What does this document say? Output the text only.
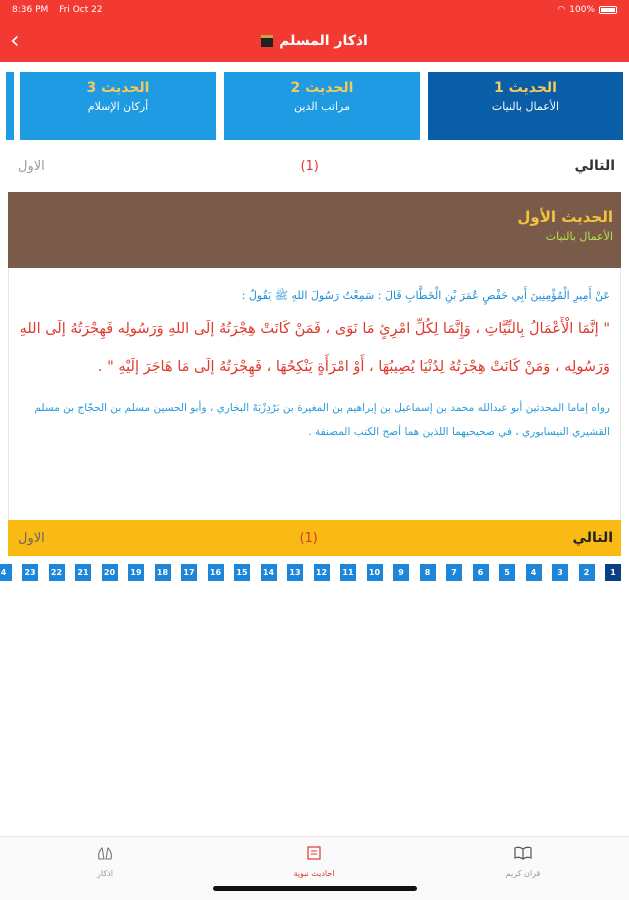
8:36 PM Fri Oct 22	◠ 100%
‹	اذكار المسلم
الحديث 3
أركان الإسلام
الحديث 2
مراتب الدين
الحديث 1
الأعمال بالنيات
الاول	(1)	التالي
الحديث الأول
الأعمال بالنيات

عَنْ أَمِيرِ الْمُؤْمِنِينَ أَبِي حَفْصٍ عُمَرَ بْنِ الْخَطَّابِ قَالَ : سَمِعْتُ رَسُولَ اللهِ ﷺ يَقُولُ :

" إنَّمَا الْأَعْمَالُ بِالنِّيَّاتِ ، وَإِنَّمَا لِكُلِّ امْرِئٍ مَا نَوَى ، فَمَنْ كَانَتْ هِجْرَتُهُ إلَى اللهِ وَرَسُولِه فَهِجْرَتُهُ إلَى اللهِ وَرَسُولِه ، وَمَنْ كَانَتْ هِجْرَتُهُ لِدُنْيَا يُصِيبُهَا ، أَوْ امْرَأَةٍ يَنْكِحُهَا ، فَهِجْرَتُهُ إلَى مَا هَاجَرَ إلَيْهِ " .

رواه إماما المحدثين أبو عبدالله محمد بن إسماعيل بن إبراهيم بن المغيرة بن بَرْدِزْبَهْ البخاري ، وأبو الحسين مسلم بن الحجّاج بن مسلم القشيري النيسابوري ، في صحيحيهما اللذين هما أصح الكتب المصنفة .

الاول	(1)	التالي
1
2
3
4
5
6
7
8
9
10
11
12
13
14
15
16
17
18
19
20
21
22
23
4
قران كريم
احاديث نبوية
اذكار
